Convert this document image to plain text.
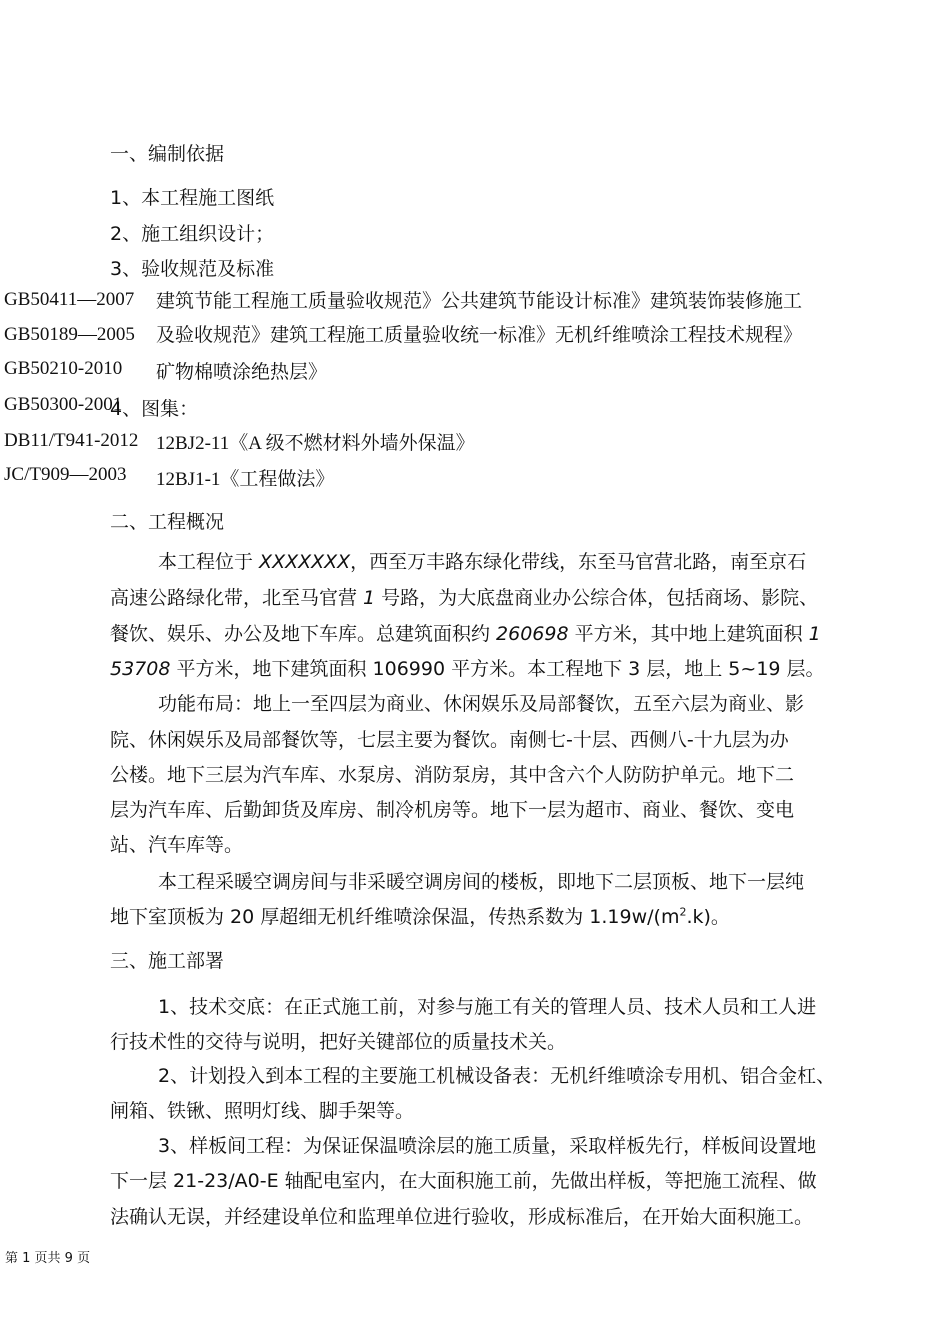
一、编制依据
1、本工程施工图纸
2、施工组织设计；
3、验收规范及标准
GB50411—2007
GB50189—2005
GB50210-2010
GB50300-2001
DB11/T941-2012
JC/T909—2003
建筑节能工程施工质量验收规范》公共建筑节能设计标准》建筑装饰装修施工
及验收规范》建筑工程施工质量验收统一标准》无机纤维喷涂工程技术规程》
矿物棉喷涂绝热层》
4、图集：
12BJ2-11《A 级不燃材料外墙外保温》
12BJ1-1《工程做法》
二、工程概况
本工程位于 XXXXXXX，西至万丰路东绿化带线，东至马官营北路，南至京石
高速公路绿化带，北至马官营 1 号路，为大底盘商业办公综合体，包括商场、影院、
餐饮、娱乐、办公及地下车库。总建筑面积约 260698 平方米，其中地上建筑面积 1
53708 平方米，地下建筑面积 106990 平方米。本工程地下 3 层，地上 5~19 层。
功能布局：地上一至四层为商业、休闲娱乐及局部餐饮，五至六层为商业、影
院、休闲娱乐及局部餐饮等，七层主要为餐饮。南侧七-十层、西侧八-十九层为办
公楼。地下三层为汽车库、水泵房、消防泵房，其中含六个人防防护单元。地下二
层为汽车库、后勤卸货及库房、制冷机房等。地下一层为超市、商业、餐饮、变电
站、汽车库等。
本工程采暖空调房间与非采暖空调房间的楼板，即地下二层顶板、地下一层纯
地下室顶板为 20 厚超细无机纤维喷涂保温，传热系数为 $1.19w/(m^2.k)$。
三、施工部署
1、技术交底：在正式施工前，对参与施工有关的管理人员、技术人员和工人进
行技术性的交待与说明，把好关键部位的质量技术关。
2、计划投入到本工程的主要施工机械设备表：无机纤维喷涂专用机、铝合金杠、
闸箱、铁锹、照明灯线、脚手架等。
3、样板间工程：为保证保温喷涂层的施工质量，采取样板先行，样板间设置地
下一层 21-23/A0-E 轴配电室内，在大面积施工前，先做出样板，等把施工流程、做
法确认无误，并经建设单位和监理单位进行验收，形成标准后，在开始大面积施工。
第 1 页共 9 页
